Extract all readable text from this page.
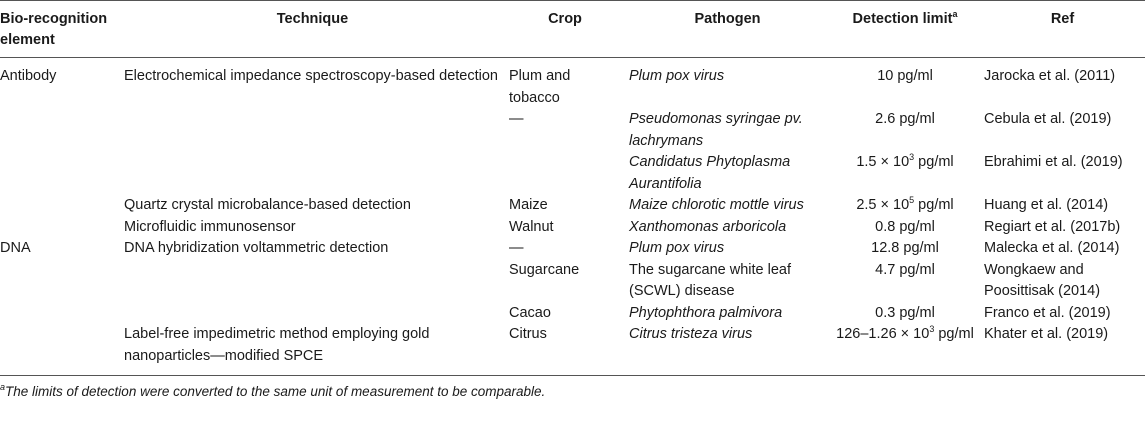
Bio-recognition element	Technique	Crop	Pathogen	Detection limit$^a$	Ref
Antibody	Electrochemical impedance spectroscopy-based detection	Plum and tobacco	Plum pox virus	10 pg/ml	Jarocka et al. (2011)
		—	Pseudomonas syringae pv. lachrymans	2.6 pg/ml	Cebula et al. (2019)
			Candidatus Phytoplasma Aurantifolia	$1.5 \times 10^3$ pg/ml	Ebrahimi et al. (2019)
	Quartz crystal microbalance-based detection	Maize	Maize chlorotic mottle virus	$2.5 \times 10^5$ pg/ml	Huang et al. (2014)
	Microfluidic immunosensor	Walnut	Xanthomonas arboricola	0.8 pg/ml	Regiart et al. (2017b)
DNA	DNA hybridization voltammetric detection	—	Plum pox virus	12.8 pg/ml	Malecka et al. (2014)
		Sugarcane	The sugarcane white leaf (SCWL) disease	4.7 pg/ml	Wongkaew and Poosittisak (2014)
		Cacao	Phytophthora palmivora	0.3 pg/ml	Franco et al. (2019)
	Label-free impedimetric method employing gold nanoparticles—modified SPCE	Citrus	Citrus tristeza virus	$126-1.26 \times 10^3$ pg/ml	Khater et al. (2019)
$^a$The limits of detection were converted to the same unit of measurement to be comparable.
